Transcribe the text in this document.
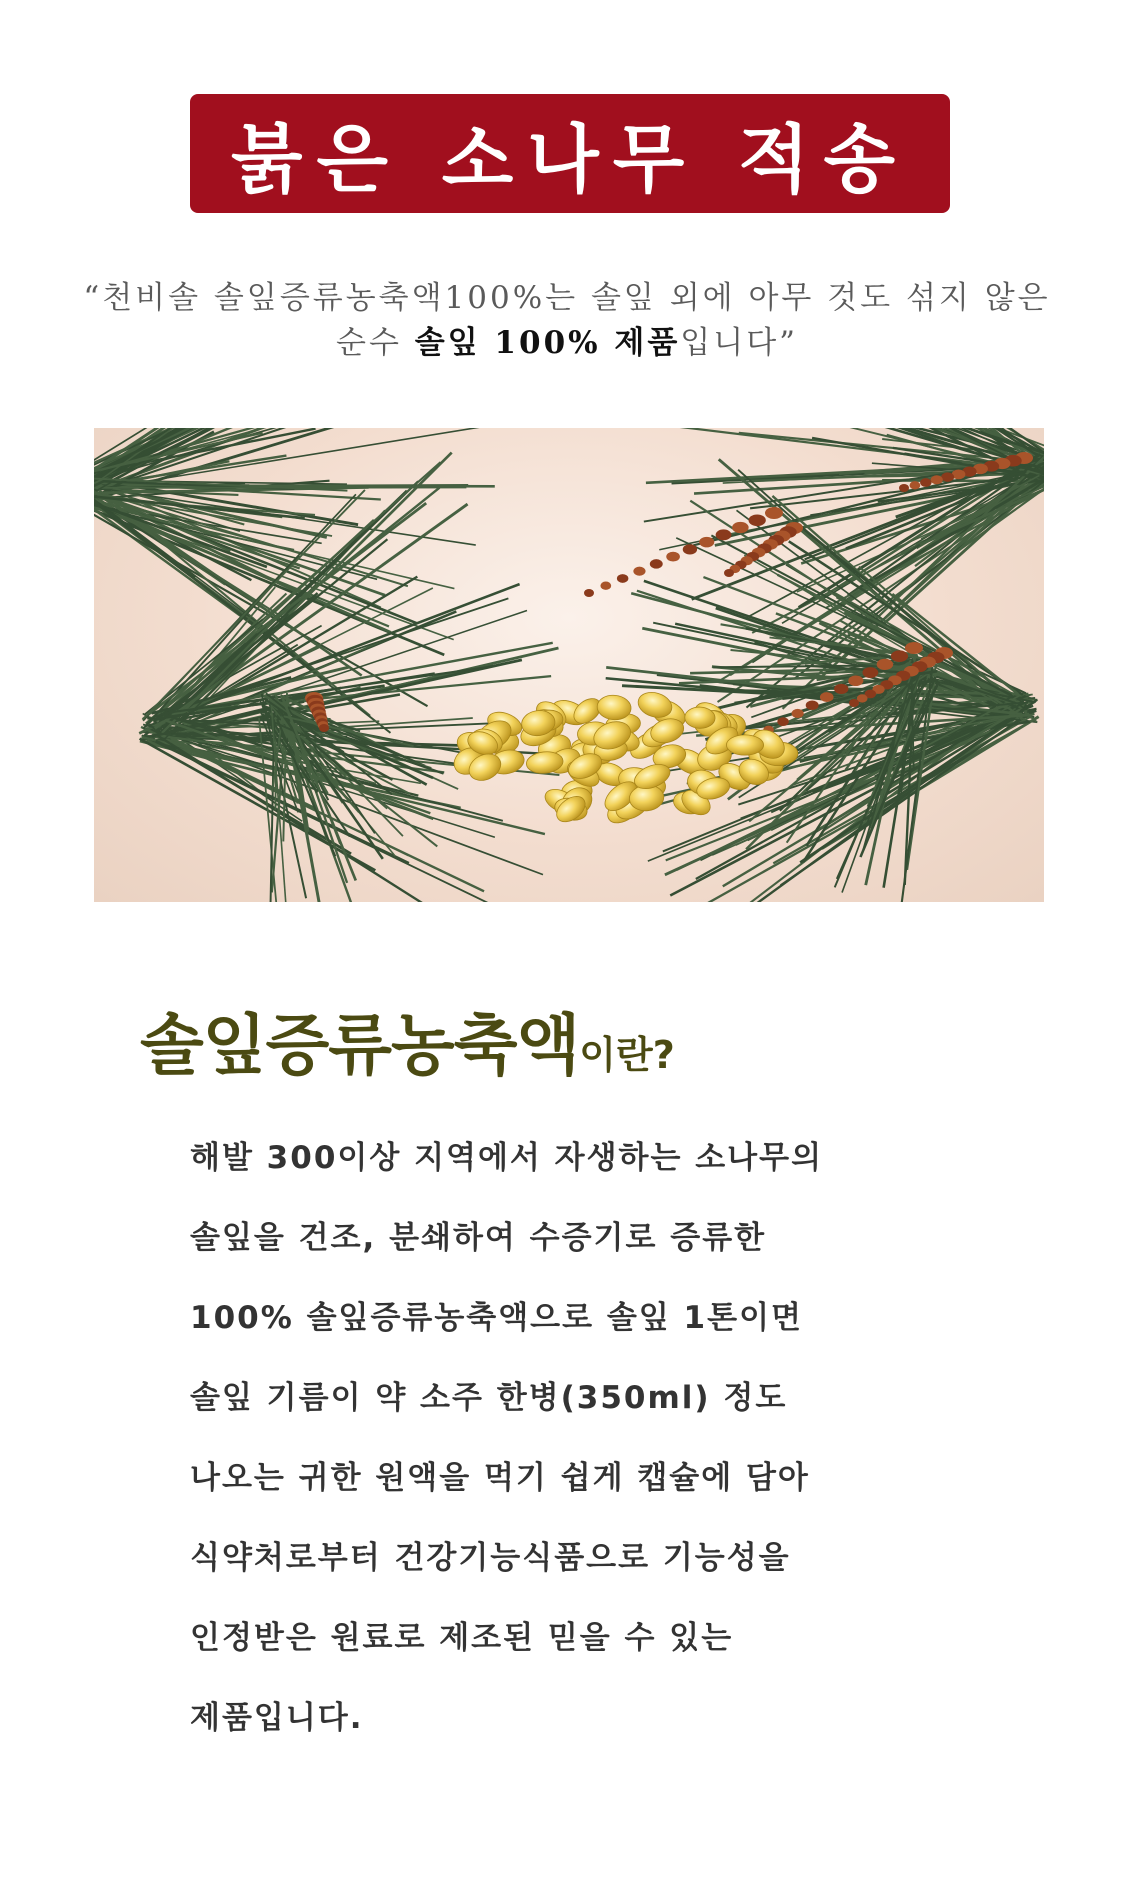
붉은 소나무 적송
“천비솔 솔잎증류농축액100%는 솔잎 외에 아무 것도 섞지 않은
순수 솔잎 100% 제품입니다”
솔잎증류농축액이란?
해발 300이상 지역에서 자생하는 소나무의
솔잎을 건조, 분쇄하여 수증기로 증류한
100% 솔잎증류농축액으로 솔잎 1톤이면
솔잎 기름이 약 소주 한병(350ml) 정도
나오는 귀한 원액을 먹기 쉽게 캡슐에 담아
식약처로부터 건강기능식품으로 기능성을
인정받은 원료로 제조된 믿을 수 있는
제품입니다.
